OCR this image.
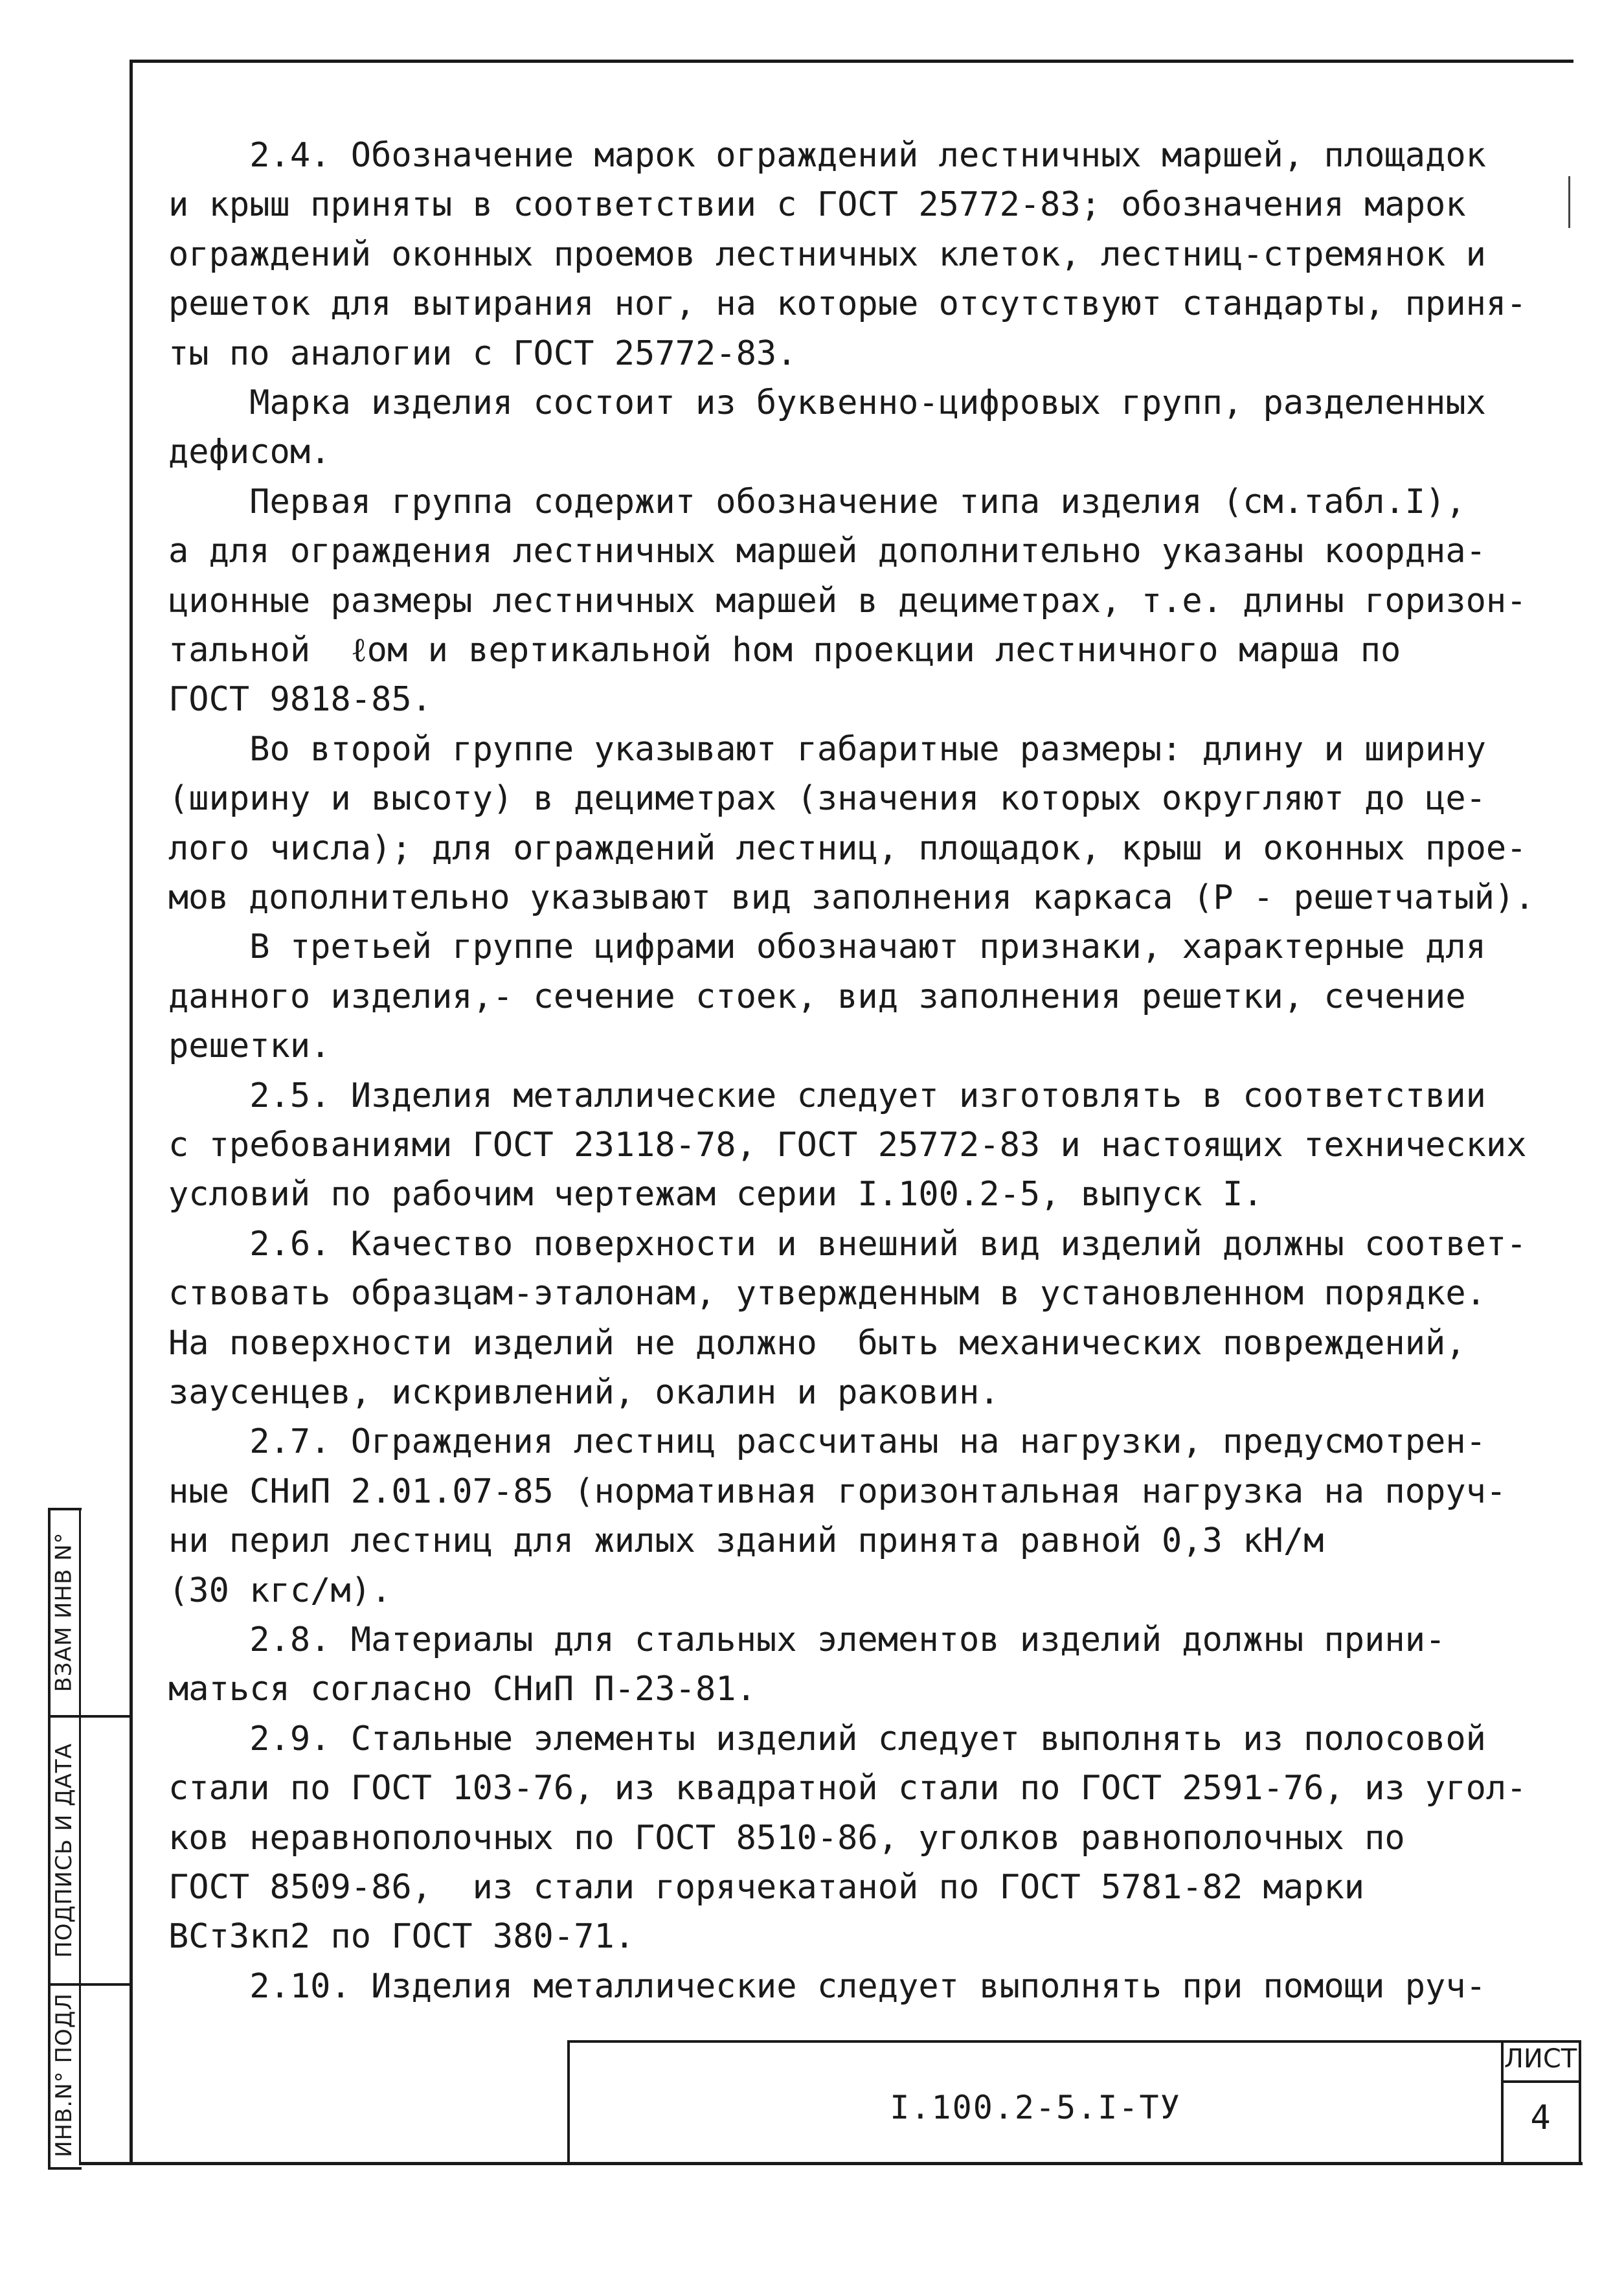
2.4. Обозначение марок ограждений лестничных маршей, площадок
и крыш приняты в соответствии с ГОСТ 25772-83; обозначения марок
ограждений оконных проемов лестничных клеток, лестниц-стремянок и
решеток для вытирания ног, на которые отсутствуют стандарты, приня-
ты по аналогии с ГОСТ 25772-83.
Марка изделия состоит из буквенно-цифровых групп, разделенных
дефисом.
Первая группа содержит обозначение типа изделия (см.табл.I),
а для ограждения лестничных маршей дополнительно указаны коордна-
ционные размеры лестничных маршей в дециметрах, т.е. длины горизон-
тальной  ℓом и вертикальной hом проекции лестничного марша по
ГОСТ 9818-85.
Во второй группе указывают габаритные размеры: длину и ширину
(ширину и высоту) в дециметрах (значения которых округляют до це-
лого числа); для ограждений лестниц, площадок, крыш и оконных прое-
мов дополнительно указывают вид заполнения каркаса (Р - решетчатый).
В третьей группе цифрами обозначают признаки, характерные для
данного изделия,- сечение стоек, вид заполнения решетки, сечение
решетки.
2.5. Изделия металлические следует изготовлять в соответствии
с требованиями ГОСТ 23118-78, ГОСТ 25772-83 и настоящих технических
условий по рабочим чертежам серии I.100.2-5, выпуск I.
2.6. Качество поверхности и внешний вид изделий должны соответ-
ствовать образцам-эталонам, утвержденным в установленном порядке.
На поверхности изделий не должно  быть механических повреждений,
заусенцев, искривлений, окалин и раковин.
2.7. Ограждения лестниц рассчитаны на нагрузки, предусмотрен-
ные СНиП 2.01.07-85 (нормативная горизонтальная нагрузка на поруч-
ни перил лестниц для жилых зданий принята равной 0,3 кН/м
(30 кгс/м).
2.8. Материалы для стальных элементов изделий должны прини-
маться согласно СНиП П-23-81.
2.9. Стальные элементы изделий следует выполнять из полосовой
стали по ГОСТ 103-76, из квадратной стали по ГОСТ 2591-76, из угол-
ков неравнополочных по ГОСТ 8510-86, уголков равнополочных по
ГОСТ 8509-86,  из стали горячекатаной по ГОСТ 5781-82 марки
ВСт3кп2 по ГОСТ 380-71.
2.10. Изделия металлические следует выполнять при помощи руч-
ВЗАМ ИНВ N°
ПОДПИСЬ И ДАТА
ИНВ.N° ПОДЛ	I.100.2-5.I-ТУ
ЛИСТ
4
